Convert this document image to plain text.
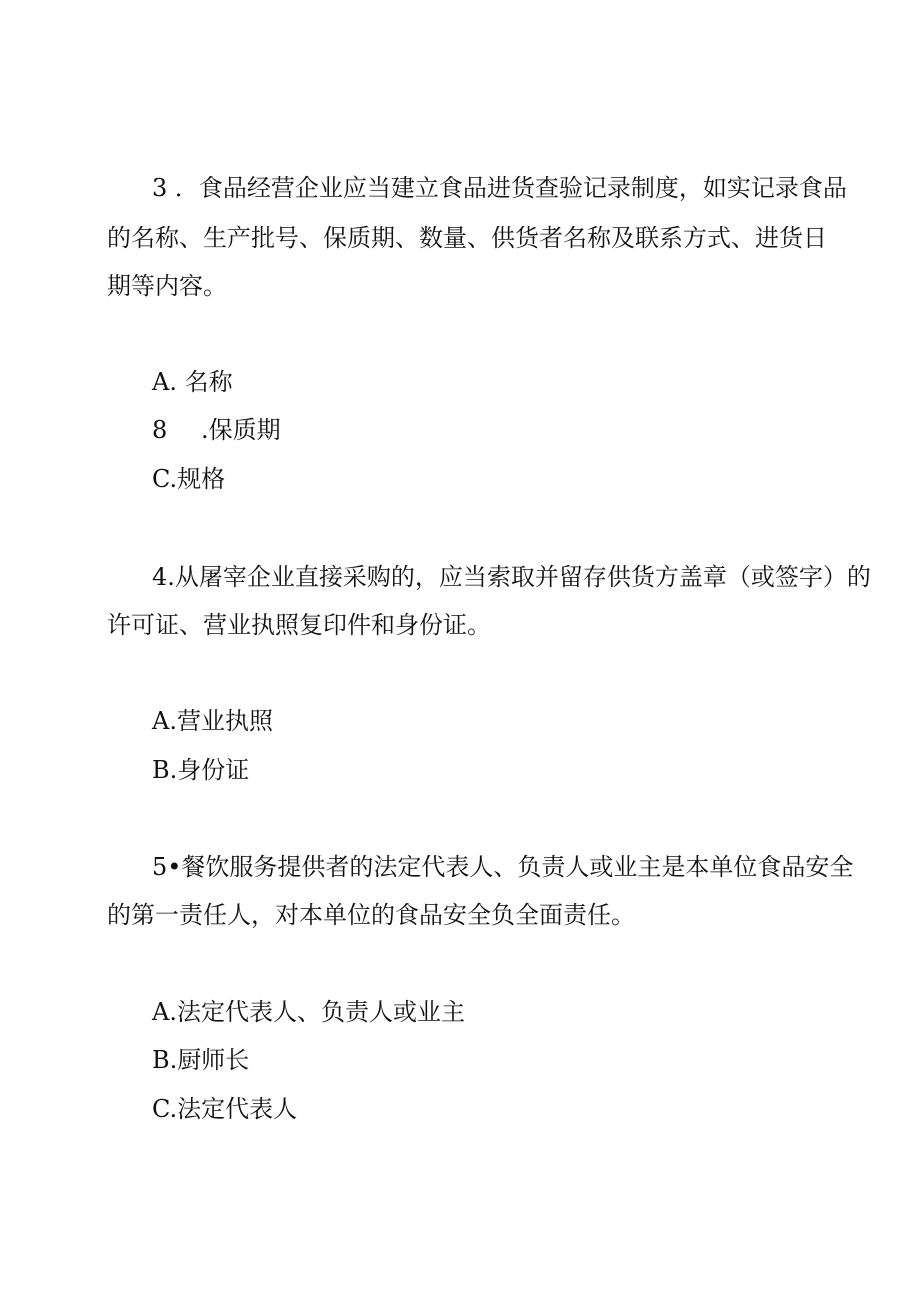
3 ．食品经营企业应当建立食品进货查验记录制度，如实记录食品
的名称、生产批号、保质期、数量、供货者名称及联系方式、进货日
期等内容。
A. 名称
8 .保质期
C.规格
4.从屠宰企业直接采购的，应当索取并留存供货方盖章（或签字）的
许可证、营业执照复印件和身份证。
A.营业执照
B.身份证
5•餐饮服务提供者的法定代表人、负责人或业主是本单位食品安全
的第一责任人，对本单位的食品安全负全面责任。
A.法定代表人、负责人或业主
B.厨师长
C.法定代表人
